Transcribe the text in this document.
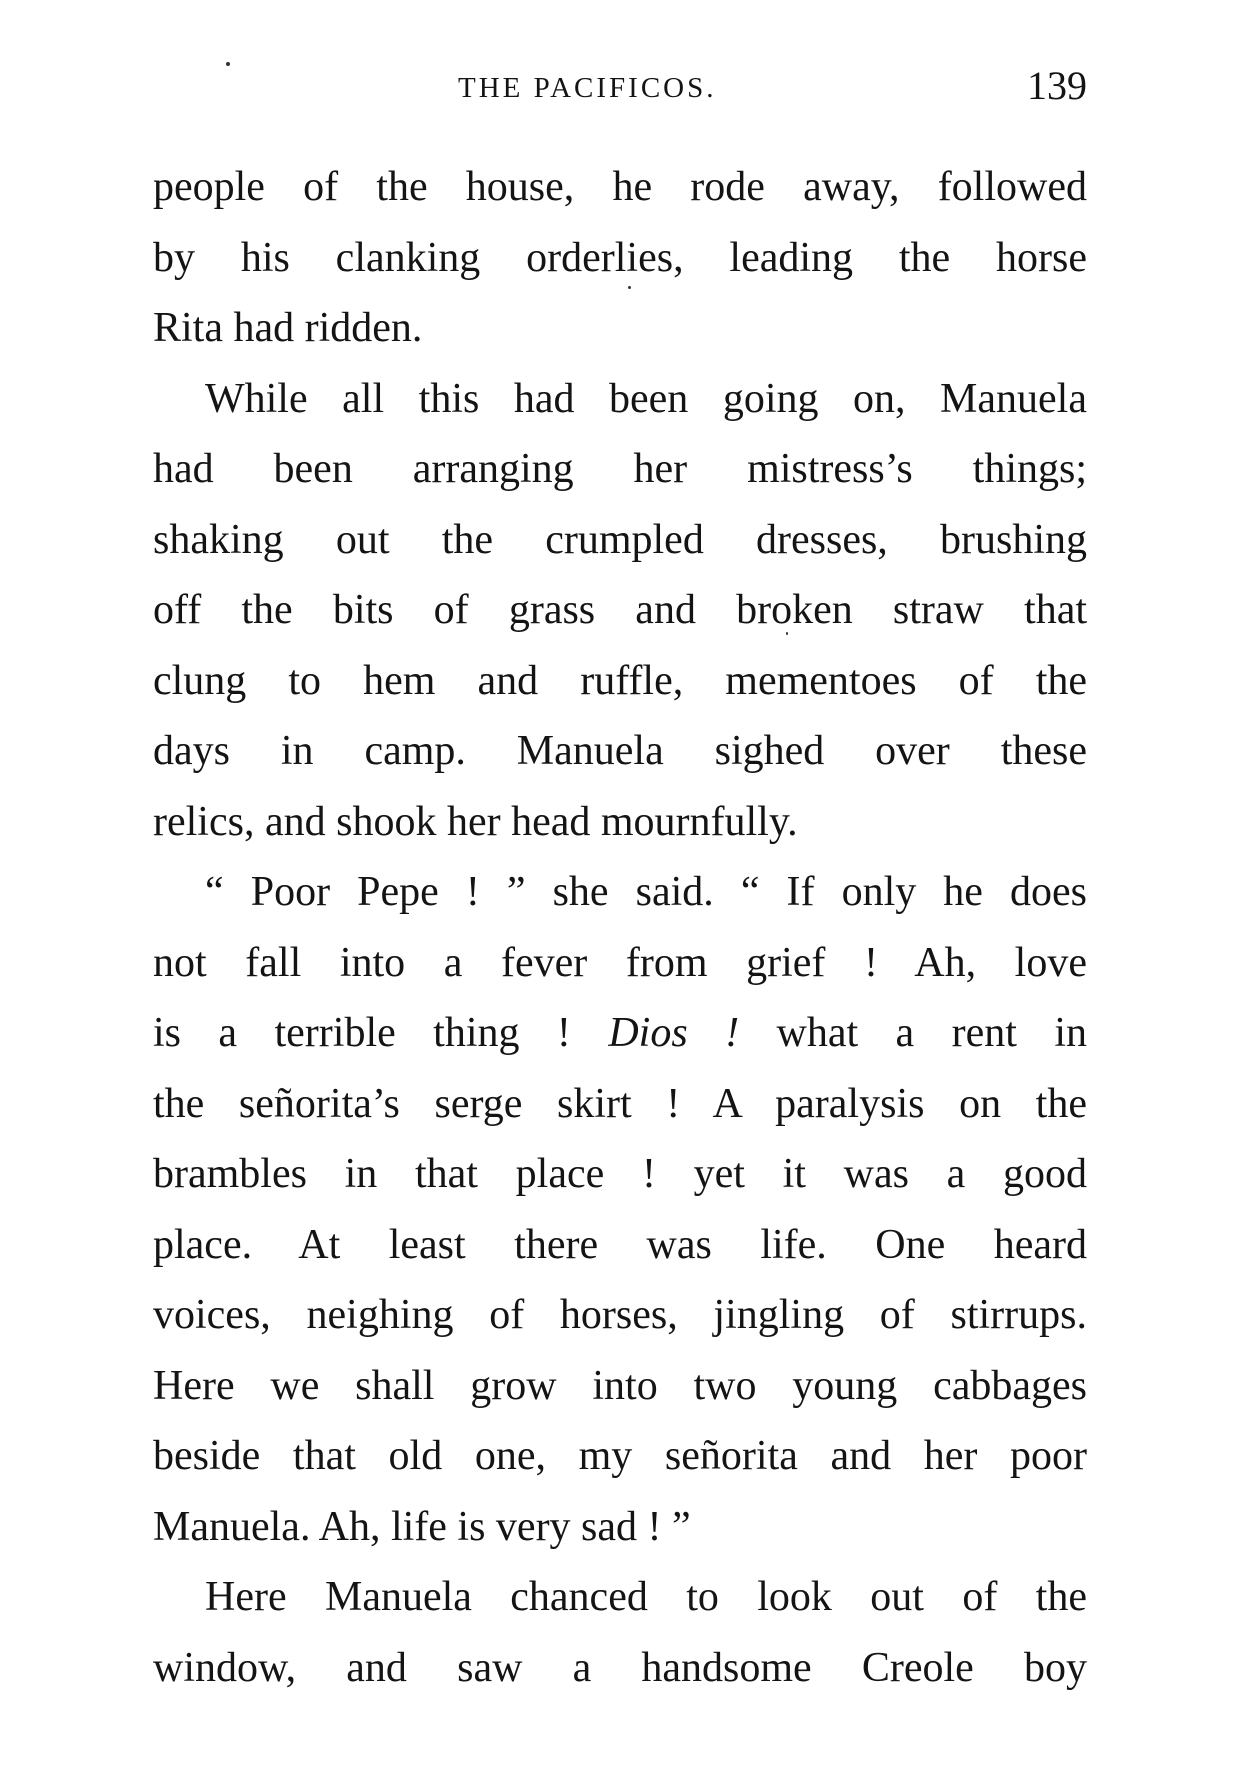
THE PACIFICOS.	139
people of the house, he rode away, followed
by his clanking orderlies, leading the horse
Rita had ridden.
While all this had been going on, Manuela
had been arranging her mistress’s things;
shaking out the crumpled dresses, brushing
off the bits of grass and broken straw that
clung to hem and ruffle, mementoes of the
days in camp. Manuela sighed over these
relics, and shook her head mournfully.
“ Poor Pepe ! ” she said. “ If only he does
not fall into a fever from grief ! Ah, love
is a terrible thing ! Dios ! what a rent in
the señorita’s serge skirt ! A paralysis on the
brambles in that place ! yet it was a good
place. At least there was life. One heard
voices, neighing of horses, jingling of stirrups.
Here we shall grow into two young cabbages
beside that old one, my señorita and her poor
Manuela. Ah, life is very sad ! ”
Here Manuela chanced to look out of the
window, and saw a handsome Creole boy
